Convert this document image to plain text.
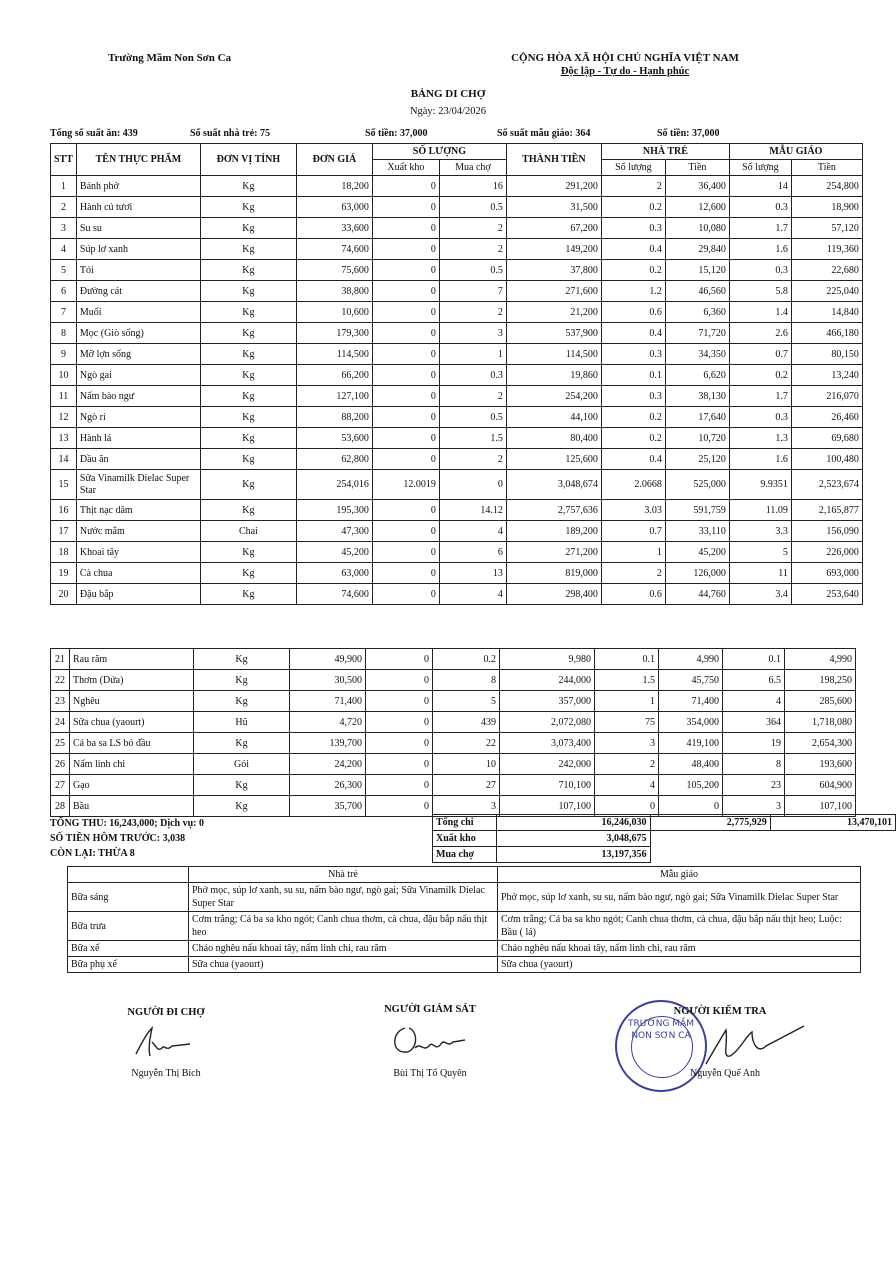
Trường Mầm Non Sơn Ca	CỘNG HÒA XÃ HỘI CHỦ NGHĨA VIỆT NAM
Độc lập - Tự do - Hạnh phúc
BẢNG DI CHỢ
Ngày: 23/04/2026
Tổng số suất ăn: 439	Số suất nhà trẻ: 75	Số tiền: 37,000	Số suất mẫu giáo: 364	Số tiền: 37,000
STT	TÊN THỰC PHẨM	ĐƠN VỊ TÍNH	ĐƠN GIÁ	SỐ LƯỢNG		THÀNH TIỀN	NHÀ TRẺ		MẪU GIÁO	
				Xuất kho	Mua chợ		Số lượng	Tiền	Số lượng	Tiền
1	Bánh phở	Kg	18,200	0	16	291,200	2	36,400	14	254,800
2	Hành củ tươi	Kg	63,000	0	0.5	31,500	0.2	12,600	0.3	18,900
3	Su su	Kg	33,600	0	2	67,200	0.3	10,080	1.7	57,120
4	Súp lơ xanh	Kg	74,600	0	2	149,200	0.4	29,840	1.6	119,360
5	Tỏi	Kg	75,600	0	0.5	37,800	0.2	15,120	0.3	22,680
6	Đường cát	Kg	38,800	0	7	271,600	1.2	46,560	5.8	225,040
7	Muối	Kg	10,600	0	2	21,200	0.6	6,360	1.4	14,840
8	Mọc (Giò sống)	Kg	179,300	0	3	537,900	0.4	71,720	2.6	466,180
9	Mỡ lợn sống	Kg	114,500	0	1	114,500	0.3	34,350	0.7	80,150
10	Ngò gai	Kg	66,200	0	0.3	19,860	0.1	6,620	0.2	13,240
11	Nấm bào ngư	Kg	127,100	0	2	254,200	0.3	38,130	1.7	216,070
12	Ngò rí	Kg	88,200	0	0.5	44,100	0.2	17,640	0.3	26,460
13	Hành lá	Kg	53,600	0	1.5	80,400	0.2	10,720	1.3	69,680
14	Dầu ăn	Kg	62,800	0	2	125,600	0.4	25,120	1.6	100,480
15	Sữa Vinamilk Dielac Super Star	Kg	254,016	12.0019	0	3,048,674	2.0668	525,000	9.9351	2,523,674
16	Thịt nạc dăm	Kg	195,300	0	14.12	2,757,636	3.03	591,759	11.09	2,165,877
17	Nước mắm	Chai	47,300	0	4	189,200	0.7	33,110	3.3	156,090
18	Khoai tây	Kg	45,200	0	6	271,200	1	45,200	5	226,000
19	Cà chua	Kg	63,000	0	13	819,000	2	126,000	11	693,000
20	Đậu bắp	Kg	74,600	0	4	298,400	0.6	44,760	3.4	253,640
21	Rau răm	Kg	49,900	0	0.2	9,980	0.1	4,990	0.1	4,990
22	Thơm (Dứa)	Kg	30,500	0	8	244,000	1.5	45,750	6.5	198,250
23	Nghêu	Kg	71,400	0	5	357,000	1	71,400	4	285,600
24	Sữa chua (yaourt)	Hũ	4,720	0	439	2,072,080	75	354,000	364	1,718,080
25	Cá ba sa LS bỏ đầu	Kg	139,700	0	22	3,073,400	3	419,100	19	2,654,300
26	Nấm linh chi	Gói	24,200	0	10	242,000	2	48,400	8	193,600
27	Gạo	Kg	26,300	0	27	710,100	4	105,200	23	604,900
28	Bầu	Kg	35,700	0	3	107,100	0	0	3	107,100
TỔNG THU: 16,243,000; Dịch vụ: 0
SỐ TIỀN HÔM TRƯỚC: 3,038
CÒN LẠI: THỪA 8
Tổng chi	16,246,030	2,775,929	13,470,101
Xuất kho	3,048,675		
Mua chợ	13,197,356		
	Nhà trẻ	Mẫu giáo
Bữa sáng	Phở mọc, súp lơ xanh, su su, nấm bào ngư, ngò gai; Sữa Vinamilk Dielac Super Star	Phở mọc, súp lơ xanh, su su, nấm bào ngư, ngò gai; Sữa Vinamilk Dielac Super Star
Bữa trưa	Cơm trắng; Cá ba sa kho ngót; Canh chua thơm, cà chua, đậu bắp nấu thịt heo	Cơm trắng; Cá ba sa kho ngót; Canh chua thơm, cà chua, đậu bắp nấu thịt heo; Luộc: Bầu ( lá)
Bữa xế	Cháo nghêu nấu khoai tây, nấm linh chi, rau răm	Cháo nghêu nấu khoai tây, nấm linh chi, rau răm
Bữa phụ xế	Sữa chua (yaourt)	Sữa chua (yaourt)
NGƯỜI ĐI CHỢ
Nguyễn Thị Bích
NGƯỜI GIÁM SÁT
Bùi Thị Tố Quyên
TRƯỜNG MẦM NON SƠN CA
NGƯỜI KIỂM TRA
Nguyễn Quế Anh
